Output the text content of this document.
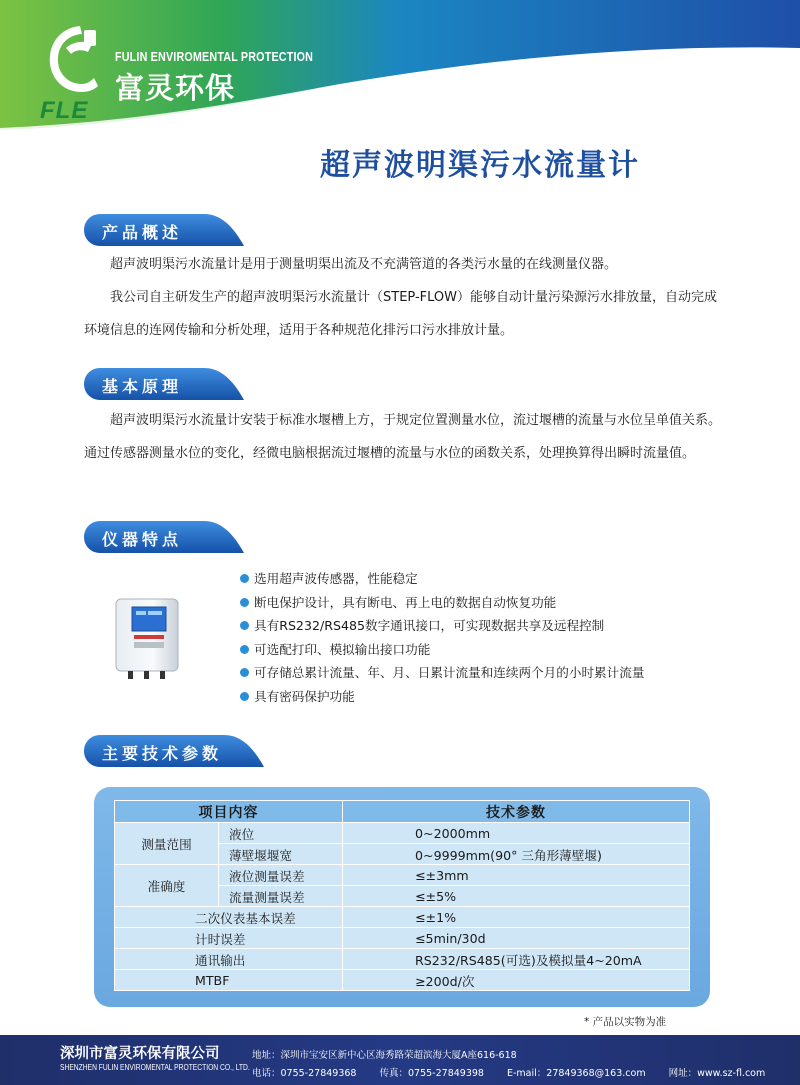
FLE
FULIN ENVIROMENTAL PROTECTION
富灵环保
超声波明渠污水流量计
产品概述
超声波明渠污水流量计是用于测量明渠出流及不充满管道的各类污水量的在线测量仪器。
我公司自主研发生产的超声波明渠污水流量计（STEP-FLOW）能够自动计量污染源污水排放量，自动完成环境信息的连网传输和分析处理，适用于各种规范化排污口污水排放计量。
基本原理
超声波明渠污水流量计安装于标准水堰槽上方，于规定位置测量水位，流过堰槽的流量与水位呈单值关系。通过传感器测量水位的变化，经微电脑根据流过堰槽的流量与水位的函数关系，处理换算得出瞬时流量值。
仪器特点
选用超声波传感器，性能稳定
断电保护设计，具有断电、再上电的数据自动恢复功能
具有RS232/RS485数字通讯接口，可实现数据共享及远程控制
可选配打印、模拟输出接口功能
可存储总累计流量、年、月、日累计流量和连续两个月的小时累计流量
具有密码保护功能
主要技术参数
项目内容		技术参数
测量范围	液位	0~2000mm
	薄壁堰堰宽	0~9999mm(90° 三角形薄壁堰)
准确度	液位测量误差	≤±3mm
	流量测量误差	≤±5%
二次仪表基本误差		≤±1%
计时误差		≤5min/30d
通讯输出		RS232/RS485(可选)及模拟量4~20mA
MTBF		≥200d/次
* 产品以实物为准
深圳市富灵环保有限公司
SHENZHEN FULIN ENVIROMENTAL PROTECTION CO., LTD.
地址：深圳市宝安区新中心区海秀路荣超滨海大厦A座616-618
电话：0755-27849368 传真：0755-27849398 E-mail：27849368@163.com 网址：www.sz-fl.com
